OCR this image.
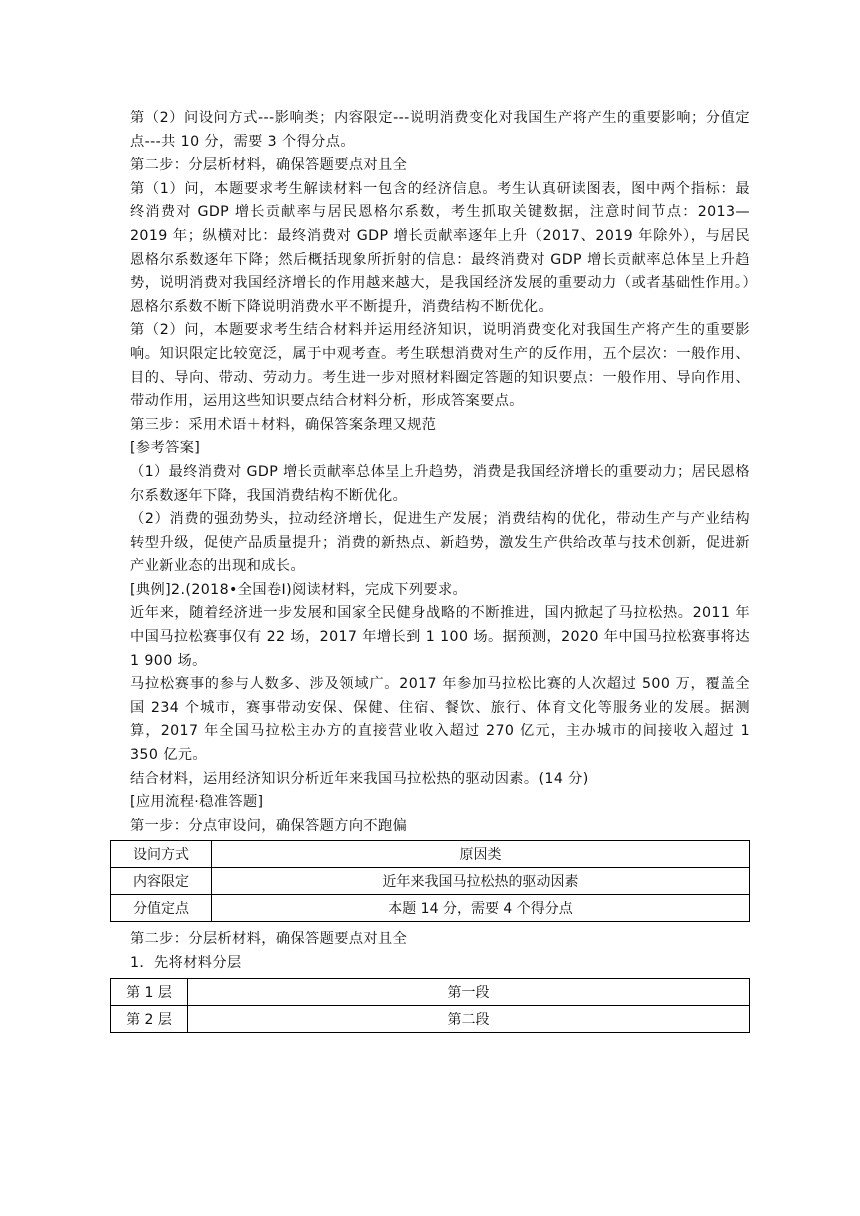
第（2）问设问方式---影响类；内容限定---说明消费变化对我国生产将产生的重要影响；分值定点---共 10 分，需要 3 个得分点。

第二步：分层析材料，确保答题要点对且全

第（1）问，本题要求考生解读材料一包含的经济信息。考生认真研读图表，图中两个指标：最终消费对 GDP 增长贡献率与居民恩格尔系数，考生抓取关键数据，注意时间节点：2013—2019 年；纵横对比：最终消费对 GDP 增长贡献率逐年上升（2017、2019 年除外），与居民恩格尔系数逐年下降；然后概括现象所折射的信息：最终消费对 GDP 增长贡献率总体呈上升趋势，说明消费对我国经济增长的作用越来越大，是我国经济发展的重要动力（或者基础性作用。）恩格尔系数不断下降说明消费水平不断提升，消费结构不断优化。

第（2）问，本题要求考生结合材料并运用经济知识，说明消费变化对我国生产将产生的重要影响。知识限定比较宽泛，属于中观考查。考生联想消费对生产的反作用，五个层次：一般作用、目的、导向、带动、劳动力。考生进一步对照材料圈定答题的知识要点：一般作用、导向作用、带动作用，运用这些知识要点结合材料分析，形成答案要点。

第三步：采用术语＋材料，确保答案条理又规范

[参考答案]

（1）最终消费对 GDP 增长贡献率总体呈上升趋势，消费是我国经济增长的重要动力；居民恩格尔系数逐年下降，我国消费结构不断优化。

（2）消费的强劲势头，拉动经济增长，促进生产发展；消费结构的优化，带动生产与产业结构转型升级，促使产品质量提升；消费的新热点、新趋势，激发生产供给改革与技术创新，促进新产业新业态的出现和成长。

[典例]2.(2018•全国卷Ⅰ)阅读材料，完成下列要求。

近年来，随着经济进一步发展和国家全民健身战略的不断推进，国内掀起了马拉松热。2011 年中国马拉松赛事仅有 22 场，2017 年增长到 1 100 场。据预测，2020 年中国马拉松赛事将达 1 900 场。

马拉松赛事的参与人数多、涉及领域广。2017 年参加马拉松比赛的人次超过 500 万，覆盖全国 234 个城市，赛事带动安保、保健、住宿、餐饮、旅行、体育文化等服务业的发展。据测算，2017 年全国马拉松主办方的直接营业收入超过 270 亿元，主办城市的间接收入超过 1 350 亿元。

结合材料，运用经济知识分析近年来我国马拉松热的驱动因素。(14 分)

[应用流程·稳准答题]

第一步：分点审设问，确保答题方向不跑偏

设问方式	原因类
内容限定	近年来我国马拉松热的驱动因素
分值定点	本题 14 分，需要 4 个得分点

第二步：分层析材料，确保答题要点对且全

1．先将材料分层

第 1 层	第一段
第 2 层	第二段
